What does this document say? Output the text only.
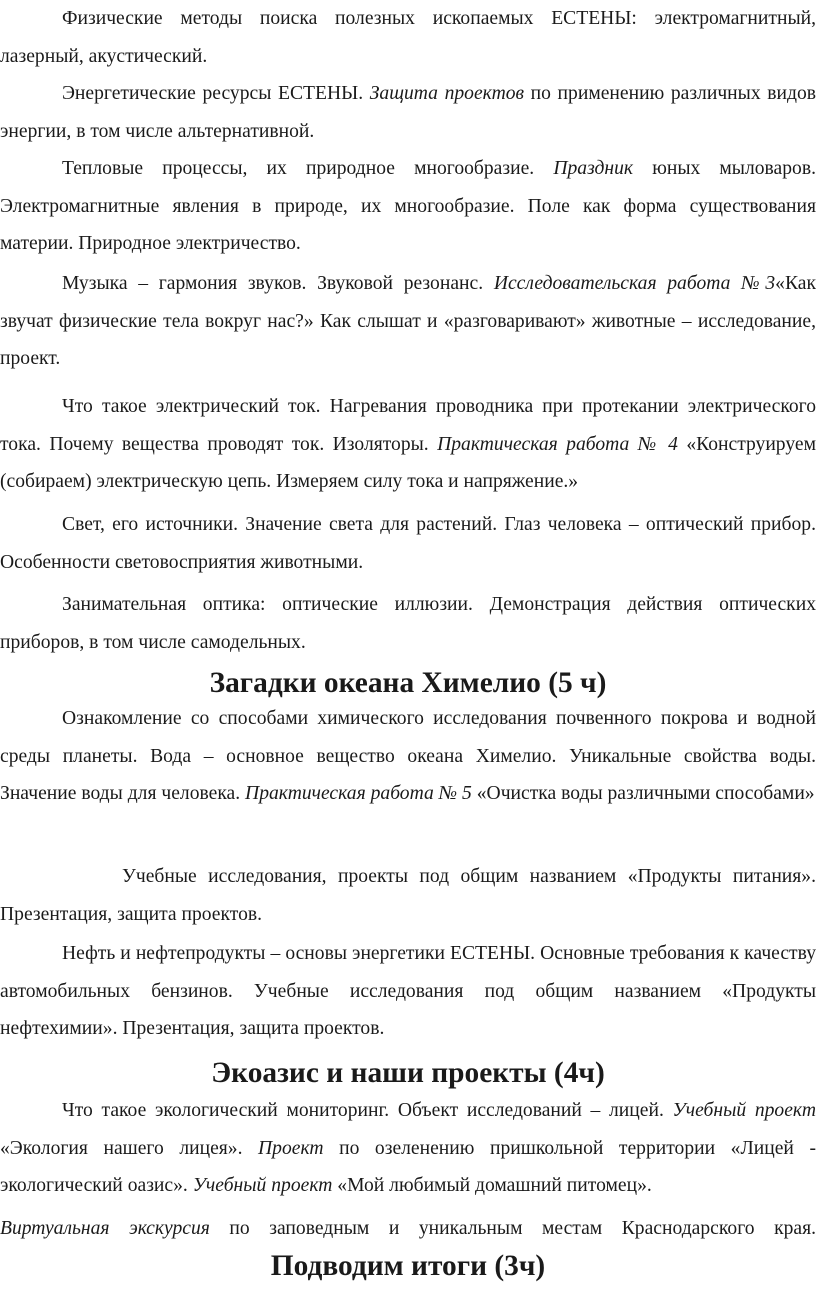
Физические методы поиска полезных ископаемых ЕСТЕНЫ: электромагнитный, лазерный, акустический.

Энергетические ресурсы ЕСТЕНЫ. Защита проектов по применению различных видов энергии, в том числе альтернативной.

Тепловые процессы, их природное многообразие. Праздник юных мыловаров. Электромагнитные явления в природе, их многообразие. Поле как форма существования материи. Природное электричество.

Музыка – гармония звуков. Звуковой резонанс. Исследовательская работа №3«Как звучат физические тела вокруг нас?» Как слышат и «разговаривают» животные – исследование, проект.

Что такое электрический ток. Нагревания проводника при протекании электрического тока. Почему вещества проводят ток. Изоляторы. Практическая работа № 4 «Конструируем (собираем) электрическую цепь. Измеряем силу тока и напряжение.»

Свет, его источники. Значение света для растений. Глаз человека – оптический прибор. Особенности световосприятия животными.

Занимательная оптика: оптические иллюзии. Демонстрация действия оптических приборов, в том числе самодельных.

Загадки океана Химелио (5 ч)

Ознакомление со способами химического исследования почвенного покрова и водной среды планеты. Вода – основное вещество океана Химелио. Уникальные свойства воды. Значение воды для человека. Практическая работа № 5 «Очистка воды различными способами»

Учебные исследования, проекты под общим названием «Продукты питания». Презентация, защита проектов.

Нефть и нефтепродукты – основы энергетики ЕСТЕНЫ. Основные требования к качеству автомобильных бензинов. Учебные исследования под общим названием «Продукты нефтехимии». Презентация, защита проектов.

Экоазис и наши проекты (4ч)

Что такое экологический мониторинг. Объект исследований – лицей. Учебный проект «Экология нашего лицея». Проект по озеленению пришкольной территории «Лицей - экологический оазис». Учебный проект «Мой любимый домашний питомец».

Виртуальная экскурсия по заповедным и уникальным местам Краснодарского края.

Подводим итоги (3ч)
